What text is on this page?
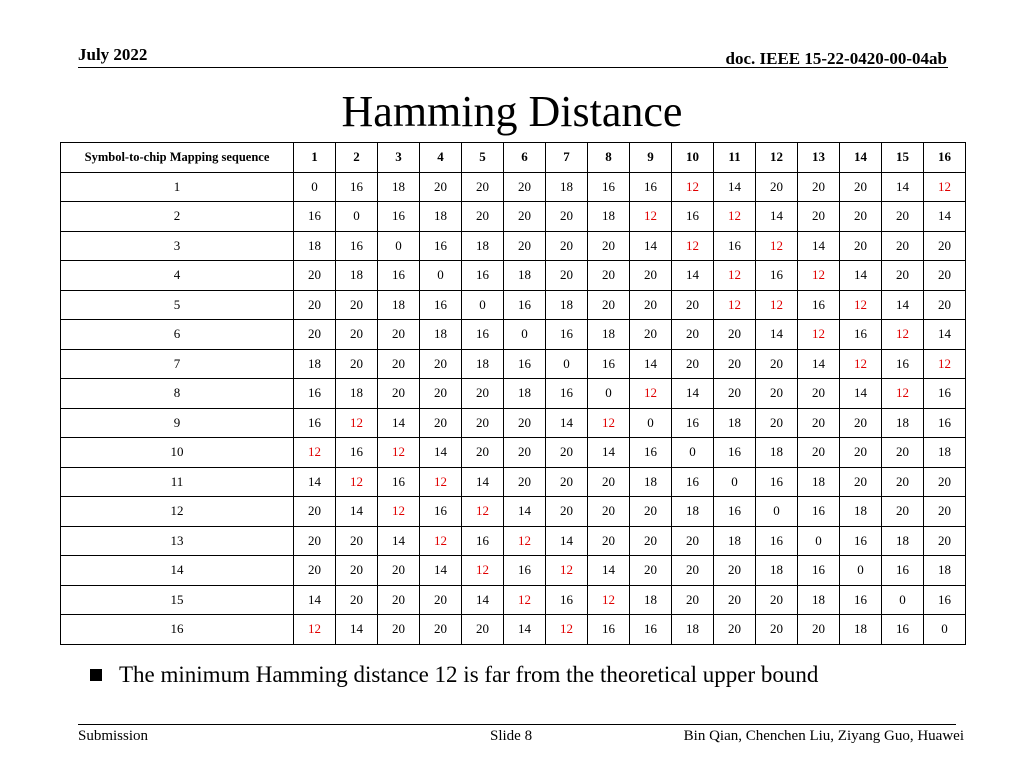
July 2022	doc. IEEE 15-22-0420-00-04ab
Hamming Distance
Symbol-to-chip Mapping sequence	1	2	3	4	5	6	7	8	9	10	11	12	13	14	15	16
1	0	16	18	20	20	20	18	16	16	12	14	20	20	20	14	12
2	16	0	16	18	20	20	20	18	12	16	12	14	20	20	20	14
3	18	16	0	16	18	20	20	20	14	12	16	12	14	20	20	20
4	20	18	16	0	16	18	20	20	20	14	12	16	12	14	20	20
5	20	20	18	16	0	16	18	20	20	20	12	12	16	12	14	20
6	20	20	20	18	16	0	16	18	20	20	20	14	12	16	12	14
7	18	20	20	20	18	16	0	16	14	20	20	20	14	12	16	12
8	16	18	20	20	20	18	16	0	12	14	20	20	20	14	12	16
9	16	12	14	20	20	20	14	12	0	16	18	20	20	20	18	16
10	12	16	12	14	20	20	20	14	16	0	16	18	20	20	20	18
11	14	12	16	12	14	20	20	20	18	16	0	16	18	20	20	20
12	20	14	12	16	12	14	20	20	20	18	16	0	16	18	20	20
13	20	20	14	12	16	12	14	20	20	20	18	16	0	16	18	20
14	20	20	20	14	12	16	12	14	20	20	20	18	16	0	16	18
15	14	20	20	20	14	12	16	12	18	20	20	20	18	16	0	16
16	12	14	20	20	20	14	12	16	16	18	20	20	20	18	16	0
The minimum Hamming distance 12 is far from the theoretical upper bound
Submission	Slide 8	Bin Qian, Chenchen Liu, Ziyang Guo, Huawei
